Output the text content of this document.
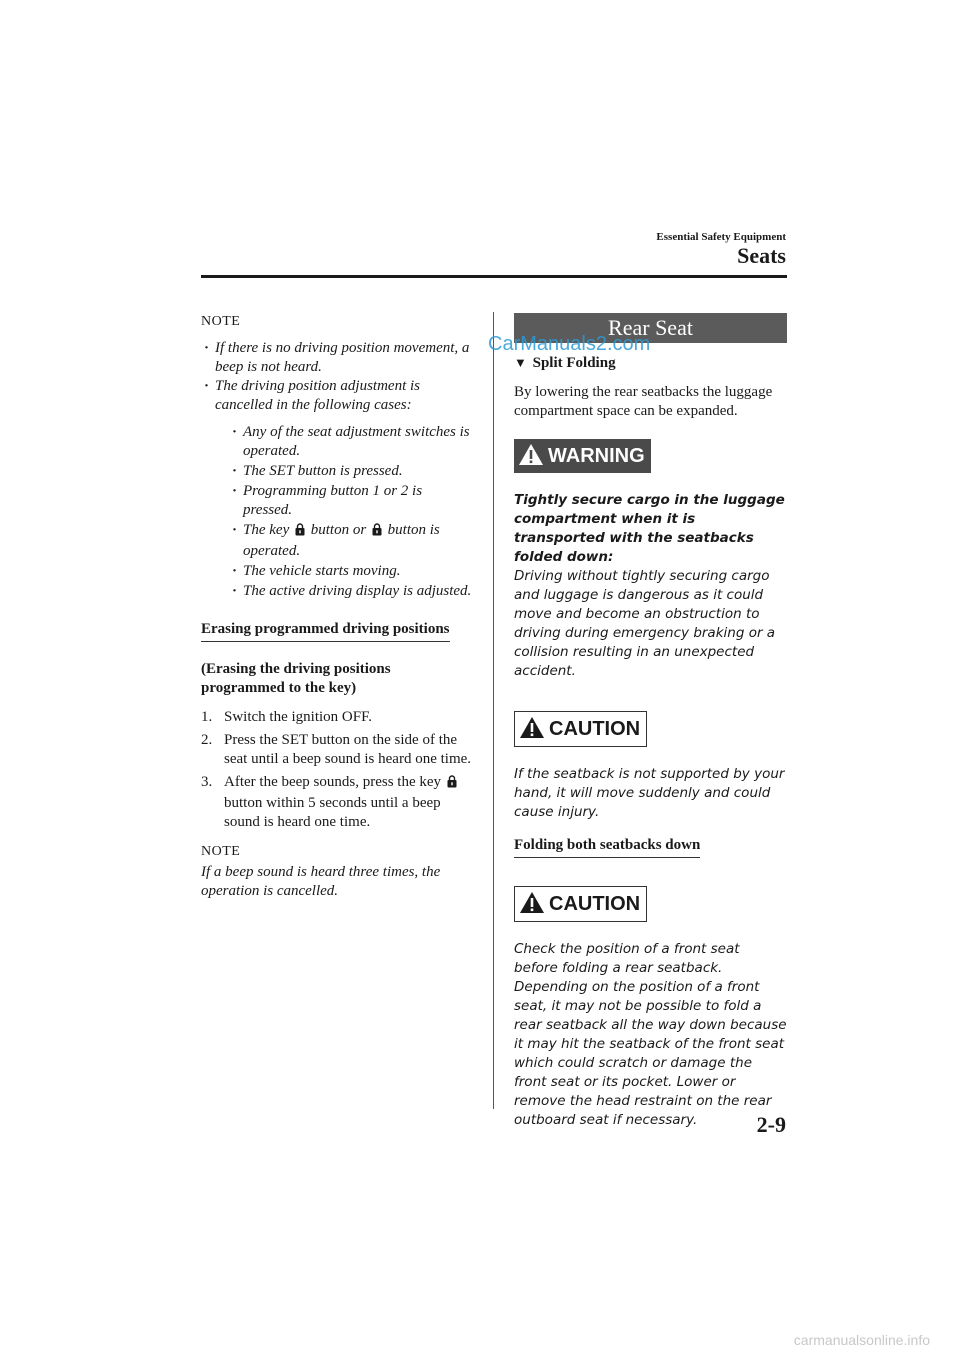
Essential Safety Equipment
Seats
NOTE
· If there is no driving position movement, a beep is not heard.
· The driving position adjustment is cancelled in the following cases:
· Any of the seat adjustment switches is operated.
· The SET button is pressed.
· Programming button 1 or 2 is pressed.
· The key button or button is operated.
· The vehicle starts moving.
· The active driving display is adjusted.
Erasing programmed driving positions
(Erasing the driving positions programmed to the key)
1. Switch the ignition OFF.
2. Press the SET button on the side of the seat until a beep sound is heard one time.
3. After the beep sounds, press the key  button within 5 seconds until a beep sound is heard one time.
NOTE
If a beep sound is heard three times, the operation is cancelled.
Rear Seat
▼ Split Folding
By lowering the rear seatbacks the luggage compartment space can be expanded.
WARNING
Tightly secure cargo in the luggage compartment when it is transported with the seatbacks folded down:
Driving without tightly securing cargo and luggage is dangerous as it could move and become an obstruction to driving during emergency braking or a collision resulting in an unexpected accident.
CAUTION
If the seatback is not supported by your hand, it will move suddenly and could cause injury.
Folding both seatbacks down
CAUTION
Check the position of a front seat before folding a rear seatback. Depending on the position of a front seat, it may not be possible to fold a rear seatback all the way down because it may hit the seatback of the front seat which could scratch or damage the front seat or its pocket. Lower or remove the head restraint on the rear outboard seat if necessary.
CarManuals2.com
2-9
carmanualsonline.info
